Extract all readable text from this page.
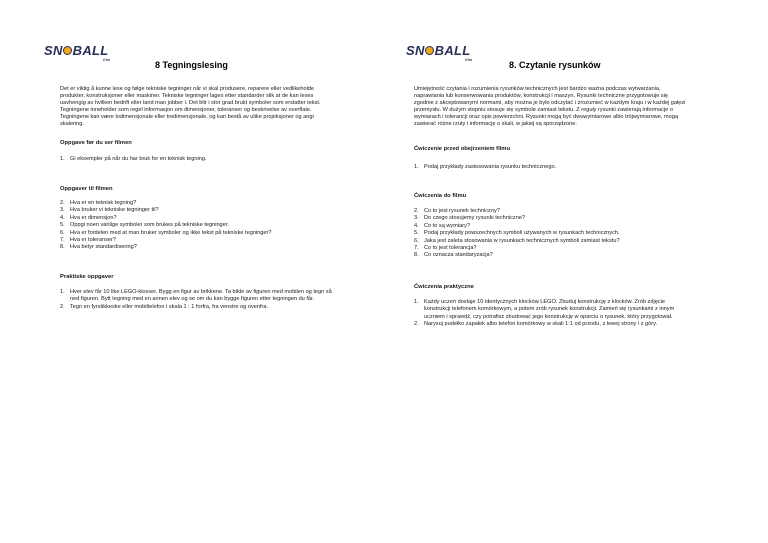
SN BALL
film	8 Tegningslesing

Det er viktig å kunne lese og følge tekniske tegninger når vi skal produsere, reparere eller vedlikeholde produkter, konstruksjoner eller maskiner. Tekniske tegninger lages etter standarder slik at de kan leses uavhengig av hvilken bedrift eller land man jobber i. Det blir i stor grad brukt symboler som erstatter tekst. Tegningene inneholder som regel informasjon om dimensjoner, toleranser og beskrivelse av overflate. Tegningene kan være todimensjonale eller tredimensjonale, og kan bestå av ulike projeksjoner og angi skalering.

Oppgave før du ser filmen

1. Gi eksempler på når du har bruk for en teknisk tegning.

Oppgaver til filmen

2. Hva er en teknisk tegning?
3. Hva bruker vi tekniske tegninger til?
4. Hva er dimensjon?
5. Oppgi noen vanlige symboler som brukes på tekniske tegninger.
6. Hva er fordelen med at man bruker symboler og ikke tekst på tekniske tegninger?
7. Hva er toleranser?
8. Hva betyr standardisering?

Praktiske oppgaver

1. Hver elev får 10 like LEGO-klosser. Bygg en figur av brikkene. Ta bilde av figuren med mobilen og tegn så ned figuren. Bytt tegning med en annen elev og se om du kan bygge figuren etter tegningen du får.
2. Tegn en fyrstikkeske eller mobiltelefon i skala 1 : 1 forfra, fra venstre og ovenfra.
SN BALL
film	8. Czytanie rysunków

Umiejętność czytania i rozumienia rysunków technicznych jest bardzo ważna podczas wytwarzania, naprawiania lub konserwowania produktów, konstrukcji i maszyn. Rysunki techniczne przygotowuje się zgodnie z akceptowanymi normami, aby można je było odczytać i zrozumieć w każdym kraju i w każdej gałęzi przemysłu. W dużym stopniu stosuje się symbole zamiast tekstu. Z reguły rysunki zawierają informacje o wymiarach i tolerancji oraz opis powierzchni. Rysunki mogą być dwuwymiarowe albo trójwymiarowe, mogą zawierać różne rzuty i informację o skali, w jakiej są sporządzone.

Ćwiczenie przed obejrzeniem filmu

1. Podaj przykłady zastosowania rysunku technicznego.

Ćwiczenia do filmu

2. Co to jest rysunek techniczny?
3. Do czego stosujemy rysunki techniczne?
4. Co to są wymiary?
5. Podaj przykłady powszechnych symboli używanych w rysunkach technicznych.
6. Jaka jest zaleta stosowania w rysunkach technicznych symboli zamiast tekstu?
7. Co to jest tolerancja?
8. Co oznacza standaryzacja?

Ćwiczenia praktyczne

1. Każdy uczeń dostaje 10 identycznych klocków LEGO. Zbuduj konstrukcję z klocków. Zrób zdjęcie konstrukcji telefonem komórkowym, a potem zrób rysunek konstrukcji. Zamień się rysunkami z innym uczniem i sprawdź, czy potrafisz zbudować jego konstrukcję w oparciu o rysunek, który przygotował.
2. Narysuj pudełko zapałek albo telefon komórkowy w skali 1:1 od przodu, z lewej strony i z góry.
